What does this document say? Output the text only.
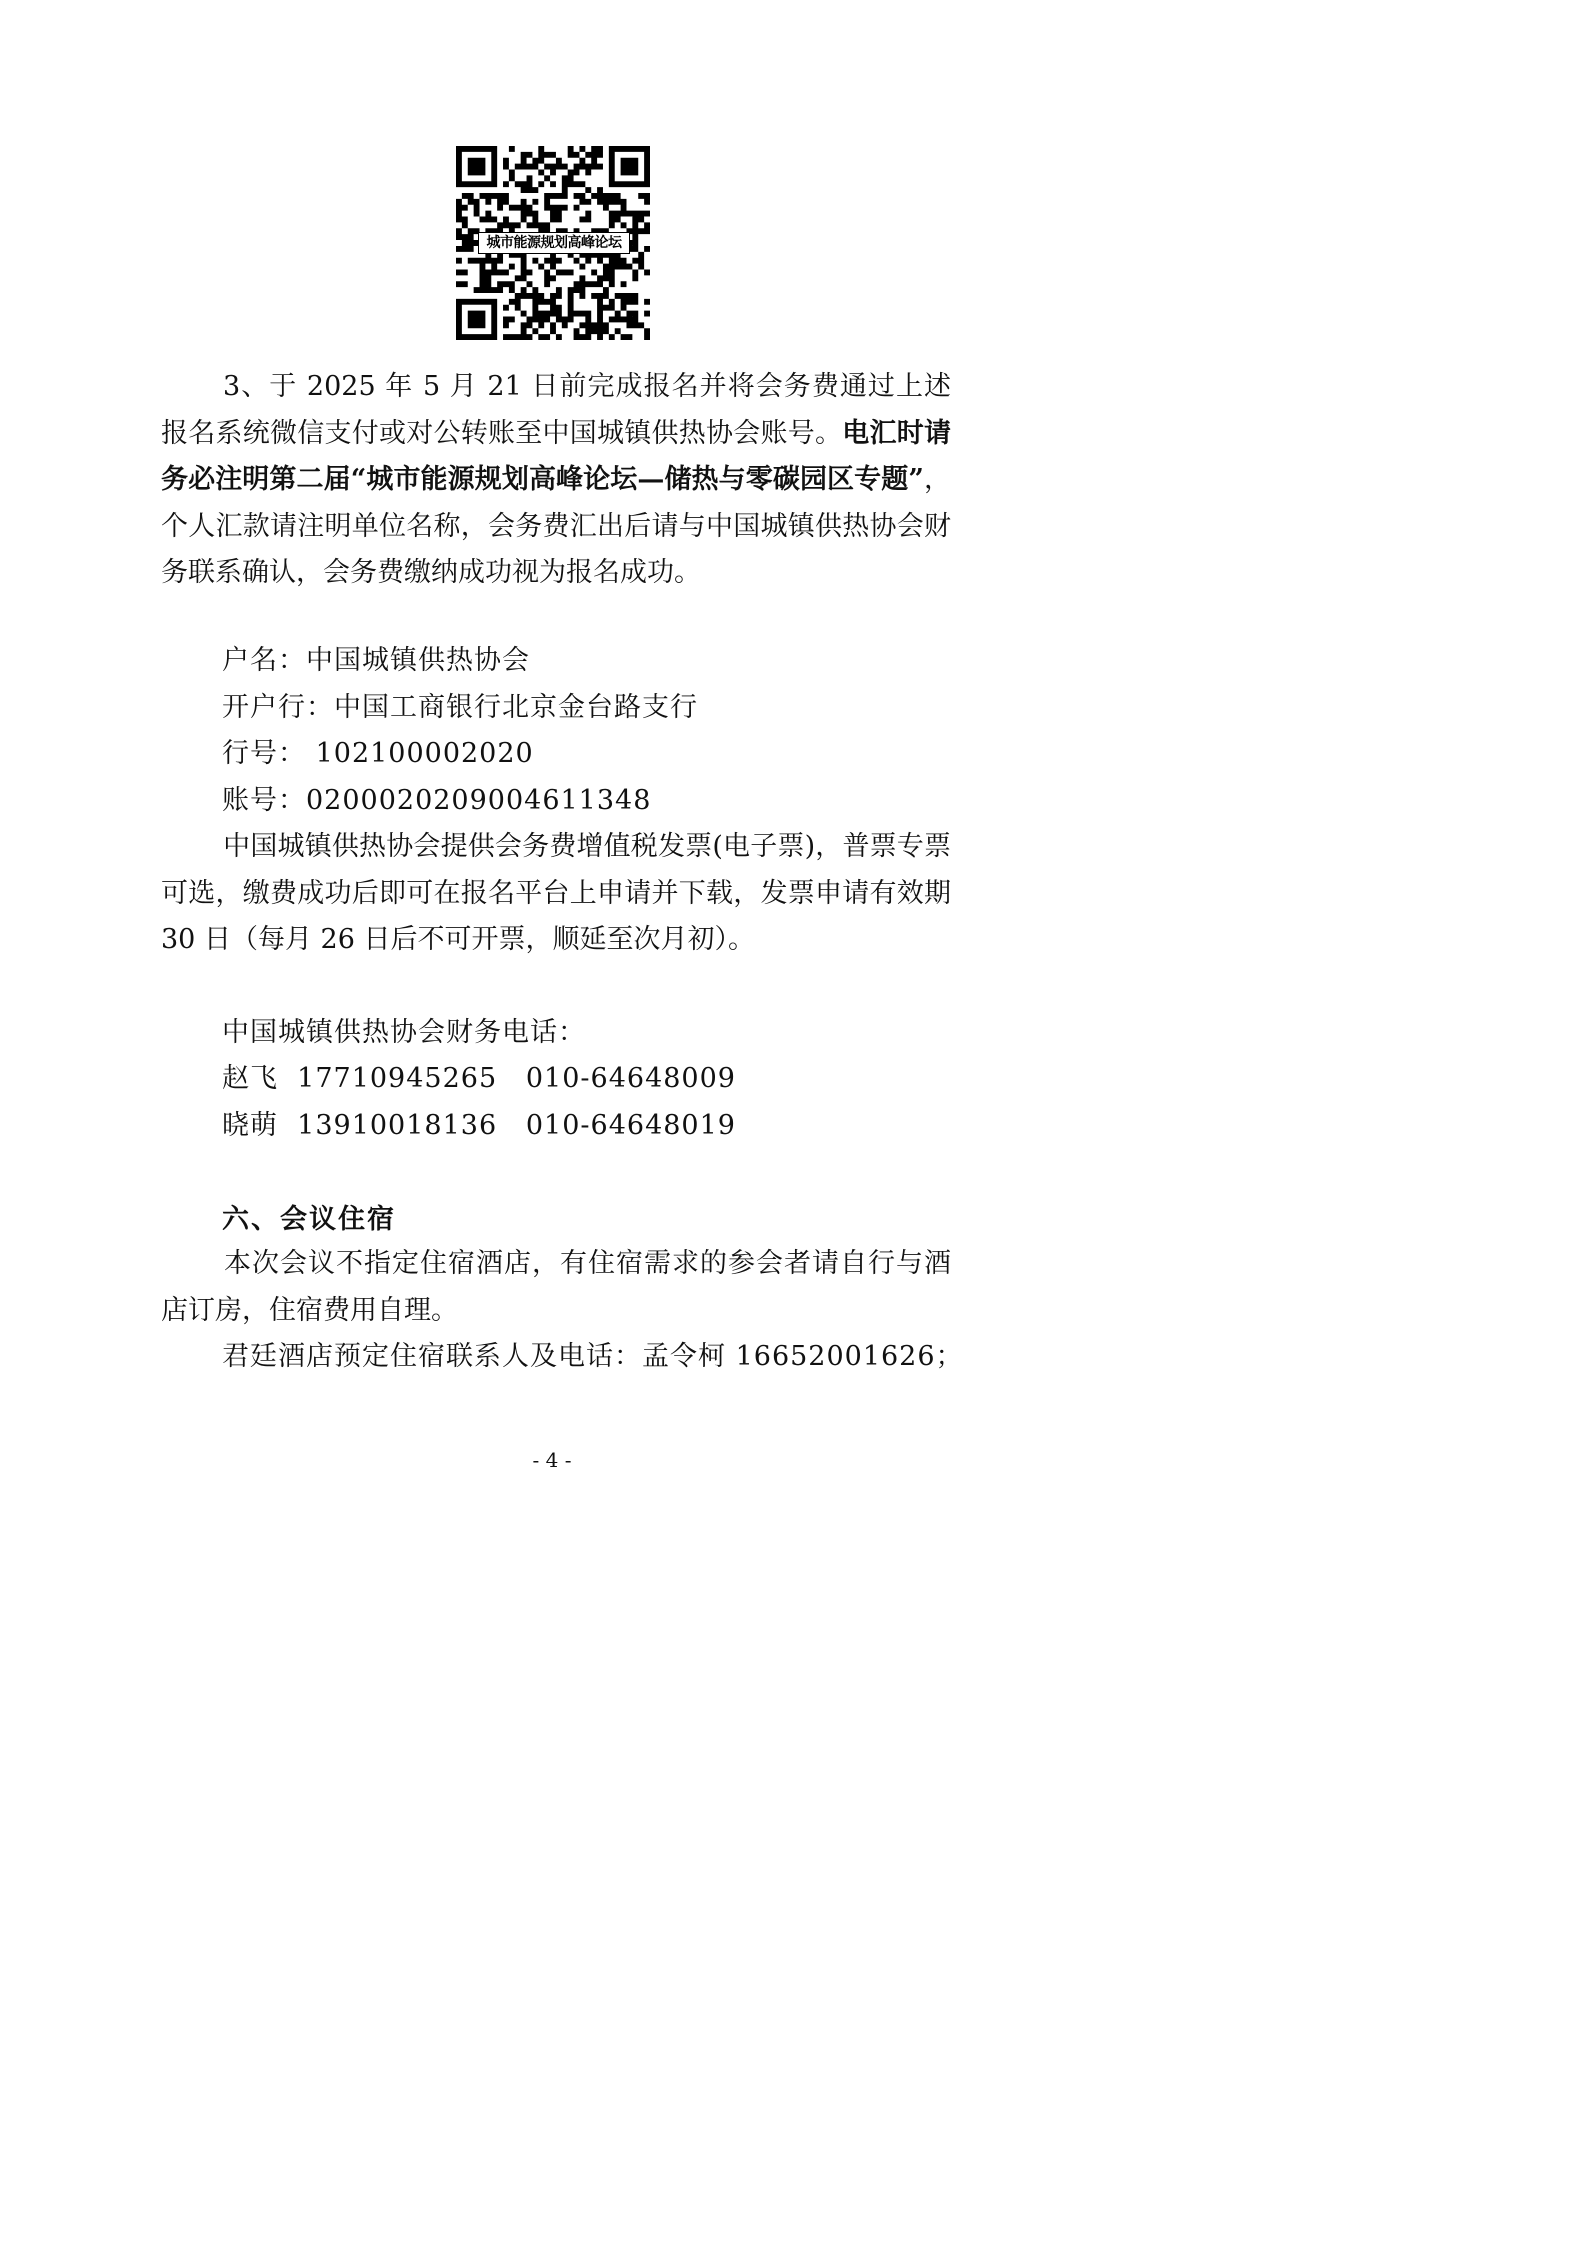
城市能源规划高峰论坛
3、于 2025 年 5 月 21 日前完成报名并将会务费通过上述报名系统微信支付或对公转账至中国城镇供热协会账号。电汇时请务必注明第二届“城市能源规划高峰论坛—储热与零碳园区专题”，个人汇款请注明单位名称，会务费汇出后请与中国城镇供热协会财务联系确认，会务费缴纳成功视为报名成功。
户名：中国城镇供热协会
开户行：中国工商银行北京金台路支行
行号： 102100002020
账号：0200020209004611348
中国城镇供热协会提供会务费增值税发票(电子票)，普票专票可选，缴费成功后即可在报名平台上申请并下载，发票申请有效期 30 日（每月 26 日后不可开票，顺延至次月初）。
中国城镇供热协会财务电话：
赵飞  17710945265   010-64648009
晓萌  13910018136   010-64648019
六、会议住宿
本次会议不指定住宿酒店，有住宿需求的参会者请自行与酒店订房，住宿费用自理。
君廷酒店预定住宿联系人及电话：孟令柯 16652001626；
- 4 -
